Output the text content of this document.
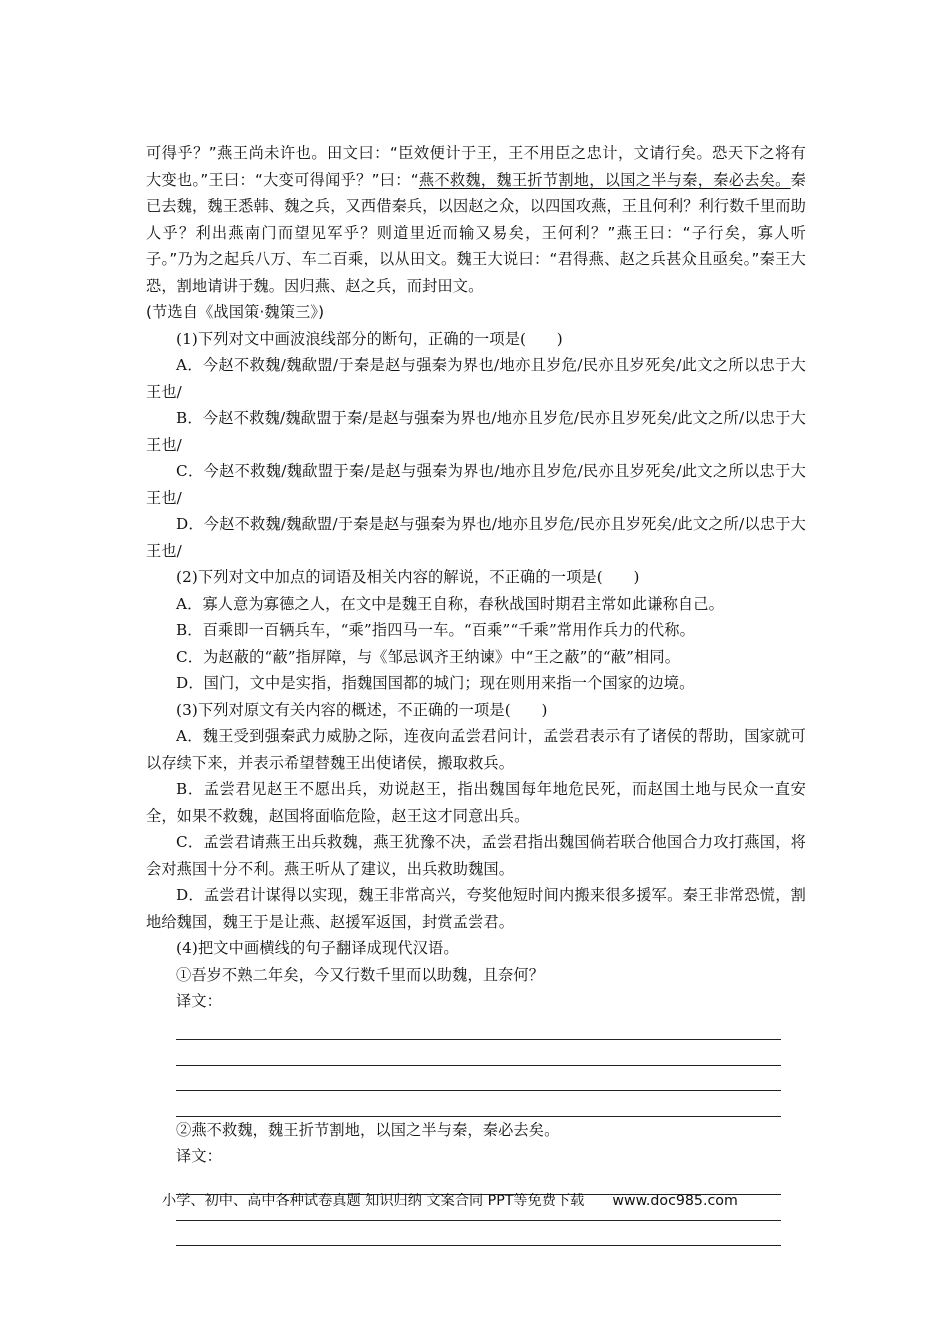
可得乎？”燕王尚未许也。田文曰：“臣效便计于王，王不用臣之忠计，文请行矣。恐天下之将有大变也。”王曰：“大变可得闻乎？”曰：“燕不救魏，魏王折节割地，以国之半与秦，秦必去矣。秦已去魏，魏王悉韩、魏之兵，又西借秦兵，以因赵之众，以四国攻燕，王且何利？利行数千里而助人乎？利出燕南门而望见军乎？则道里近而输又易矣，王何利？”燕王曰：“子行矣，寡人听子。”乃为之起兵八万、车二百乘，以从田文。魏王大说曰：“君得燕、赵之兵甚众且亟矣。”秦王大恐，割地请讲于魏。因归燕、赵之兵，而封田文。

(节选自《战国策·魏策三》)

(1)下列对文中画波浪线部分的断句，正确的一项是(　　)

A．今赵不救魏/魏歃盟/于秦是赵与强秦为界也/地亦且岁危/民亦且岁死矣/此文之所以忠于大王也/

B．今赵不救魏/魏歃盟于秦/是赵与强秦为界也/地亦且岁危/民亦且岁死矣/此文之所/以忠于大王也/

C．今赵不救魏/魏歃盟于秦/是赵与强秦为界也/地亦且岁危/民亦且岁死矣/此文之所以忠于大王也/

D．今赵不救魏/魏歃盟/于秦是赵与强秦为界也/地亦且岁危/民亦且岁死矣/此文之所/以忠于大王也/

(2)下列对文中加点的词语及相关内容的解说，不正确的一项是(　　)

A．寡人意为寡德之人，在文中是魏王自称，春秋战国时期君主常如此谦称自己。

B．百乘即一百辆兵车，“乘”指四马一车。“百乘”“千乘”常用作兵力的代称。

C．为赵蔽的“蔽”指屏障，与《邹忌讽齐王纳谏》中“王之蔽”的“蔽”相同。

D．国门，文中是实指，指魏国国都的城门；现在则用来指一个国家的边境。

(3)下列对原文有关内容的概述，不正确的一项是(　　)

A．魏王受到强秦武力威胁之际，连夜向孟尝君问计，孟尝君表示有了诸侯的帮助，国家就可以存续下来，并表示希望替魏王出使诸侯，搬取救兵。

B．孟尝君见赵王不愿出兵，劝说赵王，指出魏国每年地危民死，而赵国土地与民众一直安全，如果不救魏，赵国将面临危险，赵王这才同意出兵。

C．孟尝君请燕王出兵救魏，燕王犹豫不决，孟尝君指出魏国倘若联合他国合力攻打燕国，将会对燕国十分不利。燕王听从了建议，出兵救助魏国。

D．孟尝君计谋得以实现，魏王非常高兴，夸奖他短时间内搬来很多援军。秦王非常恐慌，割地给魏国，魏王于是让燕、赵援军返国，封赏孟尝君。

(4)把文中画横线的句子翻译成现代汉语。

①吾岁不熟二年矣，今又行数千里而以助魏，且奈何？

译文：

②燕不救魏，魏王折节割地，以国之半与秦，秦必去矣。

译文：

小学、初中、高中各种试卷真题 知识归纳 文案合同 PPT等免费下载 www.doc985.com
